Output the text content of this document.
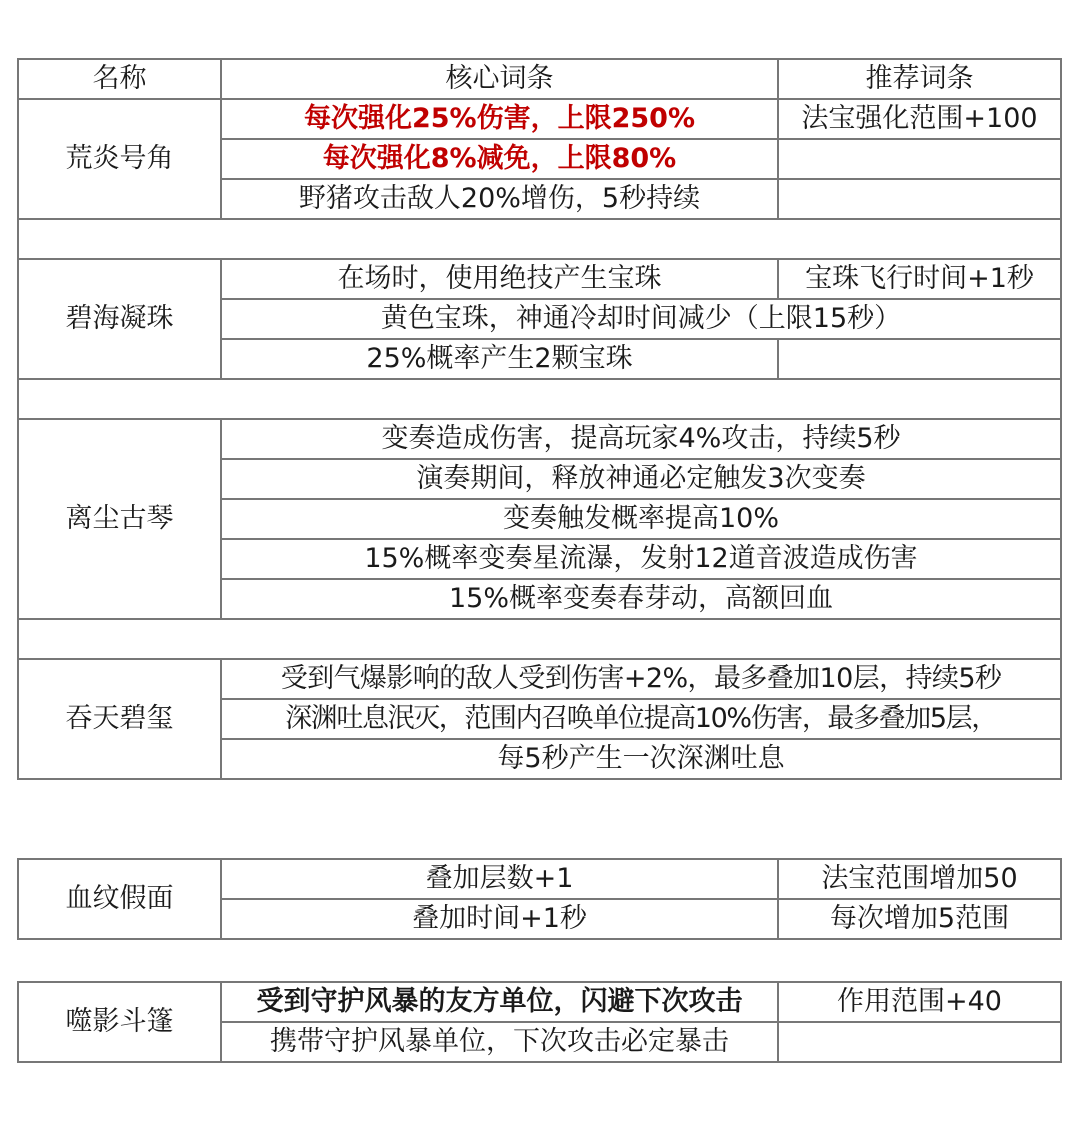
名称	核心词条	推荐词条
荒炎号角	每次强化25%伤害，上限250%	法宝强化范围+100
	每次强化8%减免，上限80%	
	野猪攻击敌人20%增伤，5秒持续	

碧海凝珠	在场时，使用绝技产生宝珠	宝珠飞行时间+1秒
	黄色宝珠，神通冷却时间减少（上限15秒）	
	25%概率产生2颗宝珠	

离尘古琴	变奏造成伤害，提高玩家4%攻击，持续5秒	
	演奏期间，释放神通必定触发3次变奏	
	变奏触发概率提高10%	
	15%概率变奏星流瀑，发射12道音波造成伤害	
	15%概率变奏春芽动，高额回血	

吞天碧玺	受到气爆影响的敌人受到伤害+2%，最多叠加10层，持续5秒	
	深渊吐息泯灭，范围内召唤单位提高10%伤害，最多叠加5层，	
	每5秒产生一次深渊吐息	
血纹假面	叠加层数+1	法宝范围增加50
	叠加时间+1秒	每次增加5范围
噬影斗篷	受到守护风暴的友方单位，闪避下次攻击	作用范围+40
	携带守护风暴单位，下次攻击必定暴击	
